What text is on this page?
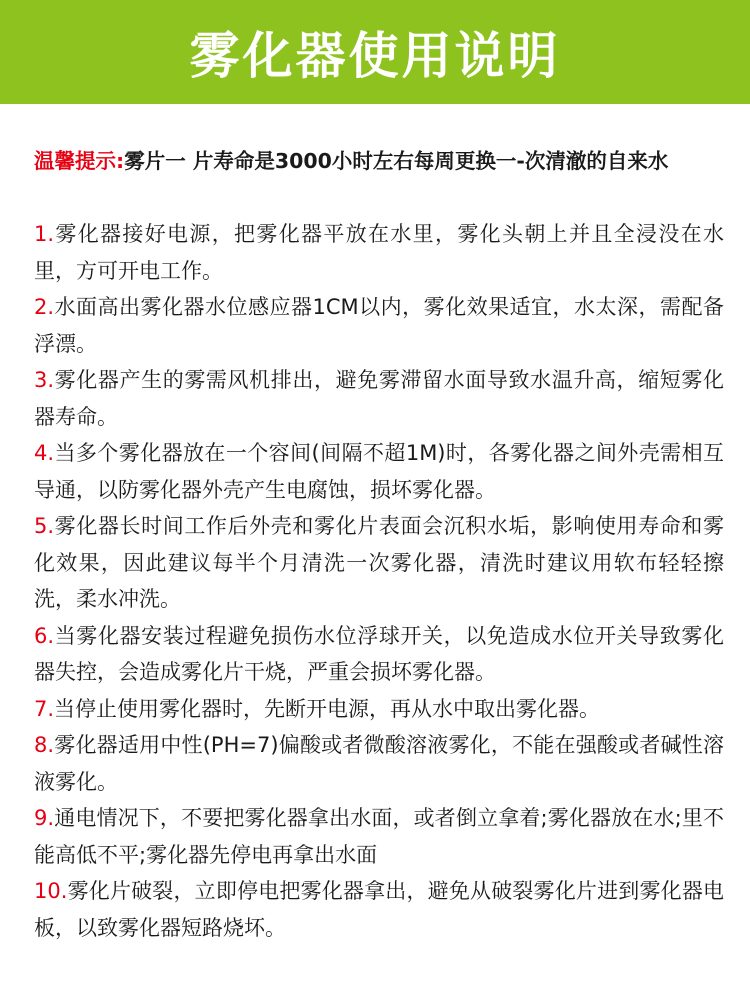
雾化器使用说明
温馨提示:雾片一 片寿命是3000小时左右每周更换一-次清澈的自来水

1.雾化器接好电源，把雾化器平放在水里，雾化头朝上并且全浸没在水里，方可开电工作。

2.水面高出雾化器水位感应器1CM以内，雾化效果适宜，水太深，需配备浮漂。

3.雾化器产生的雾需风机排出，避免雾滞留水面导致水温升高，缩短雾化器寿命。

4.当多个雾化器放在一个容间(间隔不超1M)时，各雾化器之间外壳需相互导通，以防雾化器外壳产生电腐蚀，损坏雾化器。

5.雾化器长时间工作后外壳和雾化片表面会沉积水垢，影响使用寿命和雾化效果，因此建议每半个月清洗一次雾化器，清洗时建议用软布轻轻擦洗，柔水冲洗。

6.当雾化器安装过程避免损伤水位浮球开关，以免造成水位开关导致雾化器失控，会造成雾化片干烧，严重会损坏雾化器。

7.当停止使用雾化器时，先断开电源，再从水中取出雾化器。

8.雾化器适用中性(PH=7)偏酸或者微酸溶液雾化，不能在强酸或者碱性溶液雾化。

9.通电情况下，不要把雾化器拿出水面，或者倒立拿着;雾化器放在水;里不能高低不平;雾化器先停电再拿出水面

10.雾化片破裂，立即停电把雾化器拿出，避免从破裂雾化片进到雾化器电板，以致雾化器短路烧坏。
